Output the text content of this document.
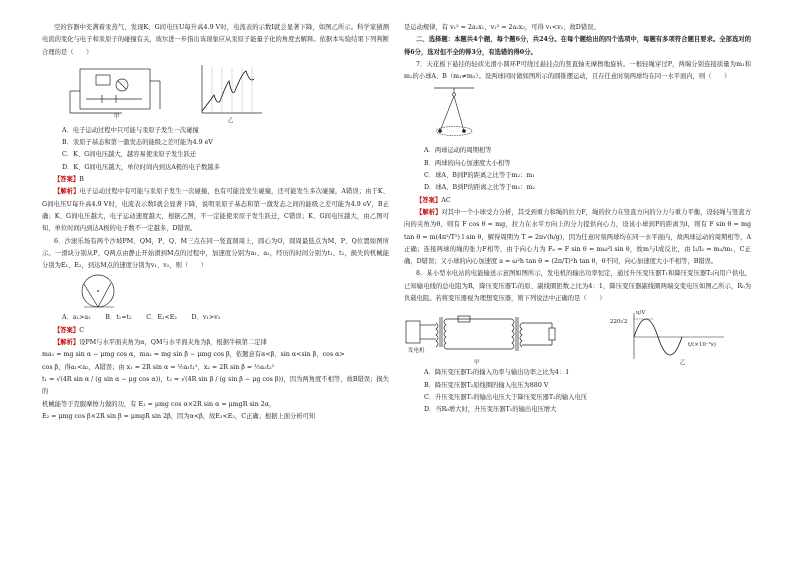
空的容器中充满着汞蒸气，发现K、G间电压U每升高4.9 V时，电流表的示数I就会显著下降，如图乙所示。科学家猜测电流的变化与电子和汞原子的碰撞有关，玻尔进一步指出该现象应从汞原子能量子化的角度去解释。依据本实验结果下列判断合理的是（　　）

甲
乙

A．电子运动过程中只可能与汞原子发生一次碰撞

B．汞原子基态和第一激发态的能级之差可能为4.9 eV

C．K、G间电压越大，越容易使汞原子发生跃迁

D．K、G间电压越大，单位时间内到达A极的电子数越多

【答案】B

【解析】电子运动过程中有可能与汞原子发生一次碰撞，也有可能没发生碰撞，还可能发生多次碰撞，A错误；由于K、G间电压U每升高4.9 V时，电流表示数I就会显著下降，说明汞原子基态和第一激发态之间的能级之差可能为4.9 eV，B正确；K、G间电压越大，电子运动速度越大，根据乙图，不一定能使汞原子发生跃迁，C错误；K、G间电压越大，由乙图可知，单位时间内到达A极的电子数不一定越多，D错误。

6．沙滚乐场有两个沙坡PM、QM，P、Q、M三点在同一竖直圆周上，圆心为O，圆周最低点为M，P、Q位置如图所示。一滑块分别从P、Q两点由静止开始滑到M点的过程中，加速度分别为a₁、a₂，经历的时间分别为t₁、t₂，损失的机械能分别为E₁、E₂，到达M点的速度分别为v₁、v₂，则（　　）

A．a₁>a₂　　 B．t₁=t₂　　 C．E₁<E₂　　 D．v₁>v₂

【答案】C

【解析】设PM与水平面夹角为α，QM与水平面夹角为β，根据牛顿第二定律

ma₁ = mg sin α − μmg cos α，ma₂ = mg sin β − μmg cos β，依题意有α<β，sin α<sin β，cos α>

cos β，得a₁<a₂，A错误；由 x₁ = 2R sin α = ½a₁t₁²，x₂ = 2R sin β = ½a₂t₂²

t₁ = √(4R sin α / (g sin α − μg cos α))，t₂ = √(4R sin β / (g sin β − μg cos β))，因为两角度不相等，故B错误；损失的

机械能等于克服摩擦力做的功，有 E₁ = μmg cos α×2R sin α = μmgR sin 2α，

E₂ = μmg cos β×2R sin β = μmgR sin 2β，因为α<β，故E₁<E₂，C正确；根据上面分析可知

是运动规律，有 v₁² = 2a₁x₁，v₂² = 2a₂x₂，可得 v₁<v₂，故D错误。

二、选择题：本题共4个题，每个题6分，共24分。在每个题给出的四个选项中，每题有多项符合题目要求。全部选对的得6分，选对但不全的得3分，有选错的得0分。

7．天花板下悬挂的轻质光滑小圆环P可绕过悬挂点的竖直轴无摩擦地旋转。一根轻绳穿过P，两端分别连接质量为m₁和m₂的小球A、B（m₁≠m₂）。设两球同时做如图所示的圆锥摆运动，且在任意时刻两球均在同一水平面内，则（　　）

A．两球运动的周期相等

B．两球的向心加速度大小相等

C．球A、B到P的距离之比等于m₂：m₁

D．球A、B到P的距离之比等于m₁：m₂

【答案】AC

【解析】对其中一个小球受力分析，其受到重力和绳的拉力F，绳的拉力在竖直方向的分力与重力平衡，设轻绳与竖直方向的夹角为θ，则有 F cos θ = mg，拉力在水平方向上的分力提供向心力，设该小球到P的距离为l，则有 F sin θ = mg tan θ = m(4π²/T²) l sin θ，解得周期为 T = 2π√(h/g)，因为任意时刻两球均在同一水平面内，故两球运动的周期相等，A正确；连接两球的绳的张力F相等，由于向心力为 Fₙ = F sin θ = mω²l sin θ，故m与l成反比，由 l₁/l₂ = m₂/m₁，C正确，D错误；又小球的向心加速度 a = ω²h tan θ = (2π/T)²h tan θ，θ不同，向心加速度大小不相等，B错误。

8．某小型水电站的电能输送示意图如图所示，发电机的输出功率恒定，通过升压变压器T₁和降压变压器T₂向用户供电，已知输电线的总电阻为R，降压变压器T₂的原、副线圈匝数之比为4：1，降压变压器副线圈两端交变电压如图乙所示，R₀为负载电阻。若将变压器视为理想变压器，则下列说法中正确的是（　　）

发电机
甲
u/V
220√2
t/(×10⁻²s)
乙

A．降压变压器T₂的输入功率与输出功率之比为4：1

B．降压变压器T₂原线圈的输入电压为880 V

C．升压变压器T₁的输出电压大于降压变压器T₂的输入电压

D．当R₀增大时，升压变压器T₁的输出电压增大
